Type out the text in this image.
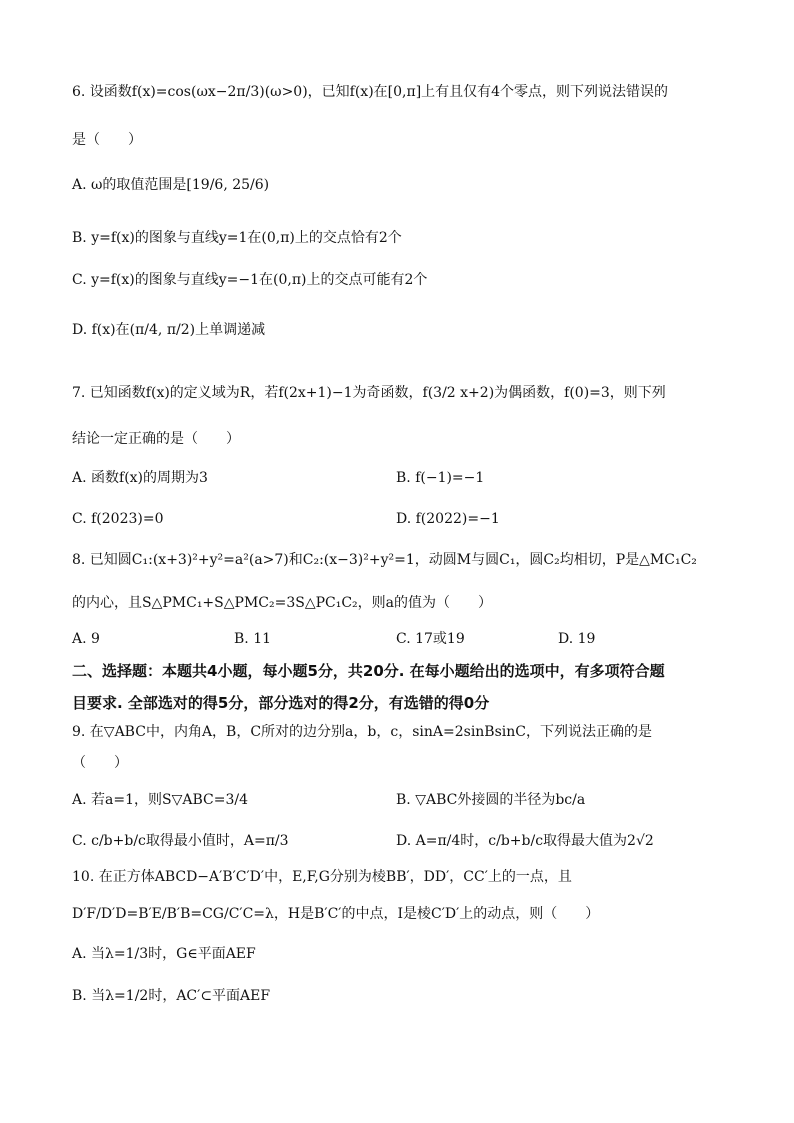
6. 设函数f(x)=cos(ωx−2π/3)(ω>0)，已知f(x)在[0,π]上有且仅有4个零点，则下列说法错误的
是（　　）
A. ω的取值范围是[19/6, 25/6)
B. y=f(x)的图象与直线y=1在(0,π)上的交点恰有2个
C. y=f(x)的图象与直线y=−1在(0,π)上的交点可能有2个
D. f(x)在(π/4, π/2)上单调递减
7. 已知函数f(x)的定义域为R，若f(2x+1)−1为奇函数，f(3/2 x+2)为偶函数，f(0)=3，则下列
结论一定正确的是（　　）
A. 函数f(x)的周期为3	B. f(−1)=−1
C. f(2023)=0	D. f(2022)=−1
8. 已知圆C₁:(x+3)²+y²=a²(a>7)和C₂:(x−3)²+y²=1，动圆M与圆C₁，圆C₂均相切，P是△MC₁C₂
的内心，且S△PMC₁+S△PMC₂=3S△PC₁C₂，则a的值为（　　）
A. 9	B. 11	C. 17或19	D. 19
二、选择题：本题共4小题，每小题5分，共20分. 在每小题给出的选项中，有多项符合题
目要求. 全部选对的得5分，部分选对的得2分，有选错的得0分
9. 在▽ABC中，内角A，B，C所对的边分别a，b，c，sinA=2sinBsinC，下列说法正确的是
（　　）
A. 若a=1，则S▽ABC=3/4	B. ▽ABC外接圆的半径为bc/a
C. c/b+b/c取得最小值时，A=π/3	D. A=π/4时，c/b+b/c取得最大值为2√2
10. 在正方体ABCD−A′B′C′D′中，E,F,G分别为棱BB′，DD′，CC′上的一点，且
D′F/D′D=B′E/B′B=CG/C′C=λ，H是B′C′的中点，I是棱C′D′上的动点，则（　　）
A. 当λ=1/3时，G∈平面AEF
B. 当λ=1/2时，AC′⊂平面AEF
